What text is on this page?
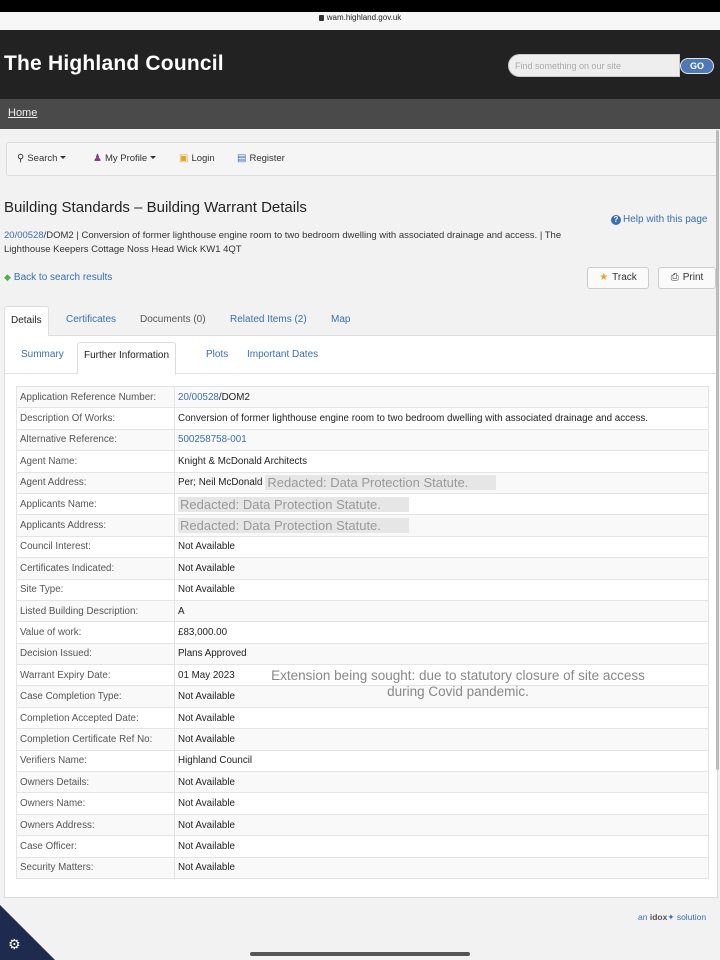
wam.highland.gov.uk
The Highland Council
Find something on our site	GO
Home
⚲ Search	♟ My Profile	▣ Login ▤ Register
Building Standards – Building Warrant Details
? Help with this page
20/00528/DOM2 | Conversion of former lighthouse engine room to two bedroom dwelling with associated drainage and access. | The Lighthouse Keepers Cottage Noss Head Wick KW1 4QT
◆ Back to search results	★ Track	⎙ Print
Details	Certificates Documents (0) Related Items (2) Map
Summary	Further Information	Plots Important Dates
Application Reference Number:	20/00528/DOM2
Description Of Works:	Conversion of former lighthouse engine room to two bedroom dwelling with associated drainage and access.
Alternative Reference:	500258758-001
Agent Name:	Knight & McDonald Architects
Agent Address:	Per; Neil McDonald Redacted: Data Protection Statute.
Applicants Name:	Redacted: Data Protection Statute.
Applicants Address:	Redacted: Data Protection Statute.
Council Interest:	Not Available
Certificates Indicated:	Not Available
Site Type:	Not Available
Listed Building Description:	A
Value of work:	£83,000.00
Decision Issued:	Plans Approved
Warrant Expiry Date:	01 May 2023
Case Completion Type:	Not Available
Completion Accepted Date:	Not Available
Completion Certificate Ref No:	Not Available
Verifiers Name:	Highland Council
Owners Details:	Not Available
Owners Name:	Not Available
Owners Address:	Not Available
Case Officer:	Not Available
Security Matters:	Not Available
Extension being sought: due to statutory closure of site access during Covid pandemic.
an idox✦ solution
⚙
